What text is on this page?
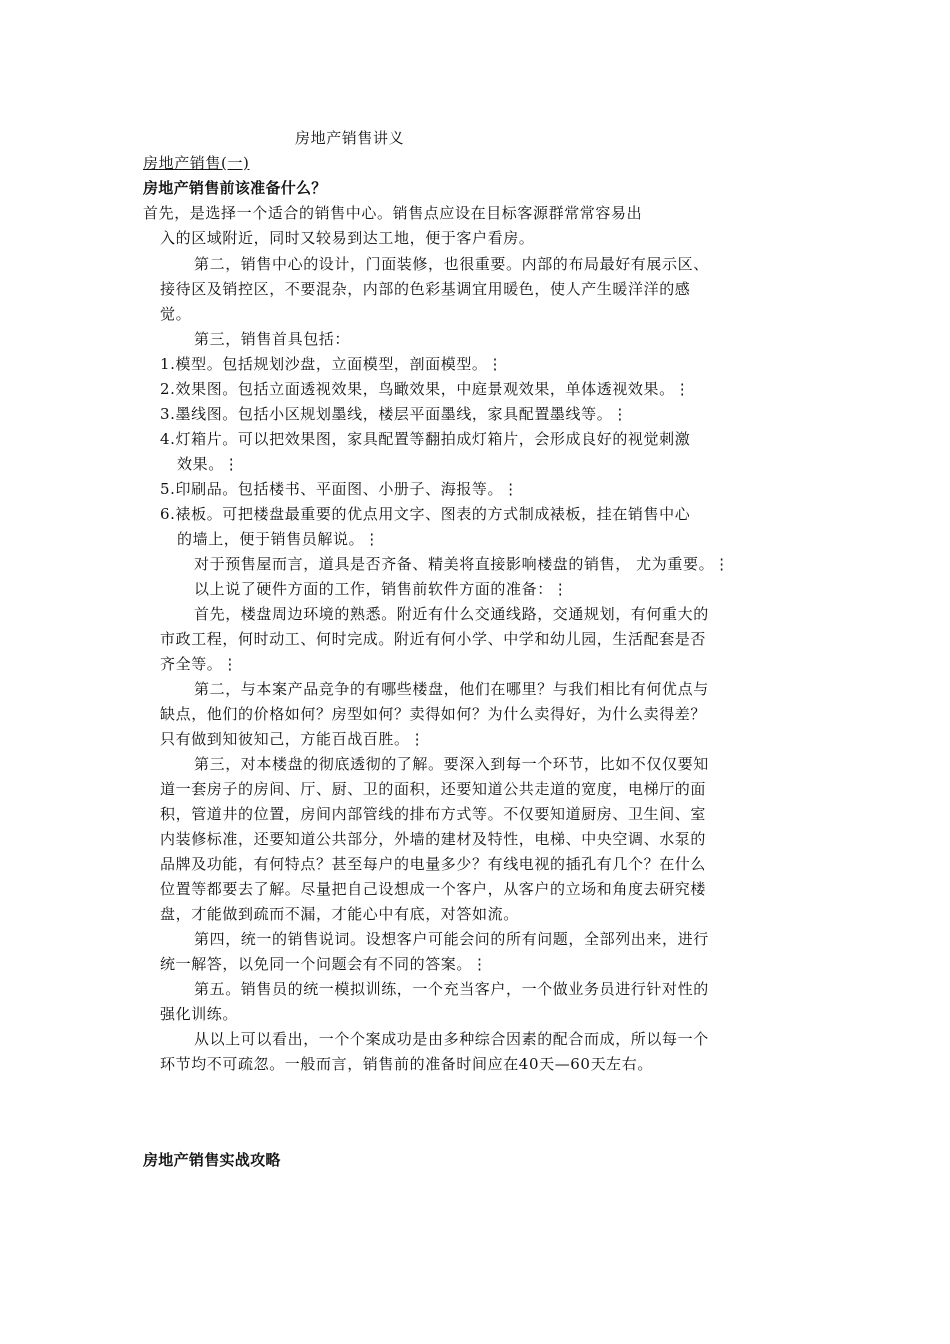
房地产销售讲义
房地产销售(一)
房地产销售前该准备什么？
首先，是选择一个适合的销售中心。销售点应设在目标客源群常常容易出
入的区域附近，同时又较易到达工地，便于客户看房。
第二，销售中心的设计，门面装修，也很重要。内部的布局最好有展示区、
接待区及销控区，不要混杂，内部的色彩基调宜用暖色，使人产生暖洋洋的感
觉。
第三，销售首具包括：
1.模型。包括规划沙盘，立面模型，剖面模型。⋮
2.效果图。包括立面透视效果，鸟瞰效果，中庭景观效果，单体透视效果。⋮
3.墨线图。包括小区规划墨线，楼层平面墨线，家具配置墨线等。⋮
4.灯箱片。可以把效果图，家具配置等翻拍成灯箱片，会形成良好的视觉刺激
效果。⋮
5.印刷品。包括楼书、平面图、小册子、海报等。⋮
6.裱板。可把楼盘最重要的优点用文字、图表的方式制成裱板，挂在销售中心
的墙上，便于销售员解说。⋮
对于预售屋而言，道具是否齐备、精美将直接影响楼盘的销售， 尤为重要。⋮
以上说了硬件方面的工作，销售前软件方面的准备：⋮
首先，楼盘周边环境的熟悉。附近有什么交通线路，交通规划，有何重大的
市政工程，何时动工、何时完成。附近有何小学、中学和幼儿园，生活配套是否
齐全等。⋮
第二，与本案产品竞争的有哪些楼盘，他们在哪里？与我们相比有何优点与
缺点，他们的价格如何？房型如何？卖得如何？为什么卖得好，为什么卖得差？
只有做到知彼知己，方能百战百胜。⋮
第三，对本楼盘的彻底透彻的了解。要深入到每一个环节，比如不仅仅要知
道一套房子的房间、厅、厨、卫的面积，还要知道公共走道的宽度，电梯厅的面
积，管道井的位置，房间内部管线的排布方式等。不仅要知道厨房、卫生间、室
内装修标准，还要知道公共部分，外墙的建材及特性，电梯、中央空调、水泵的
品牌及功能，有何特点？甚至每户的电量多少？有线电视的插孔有几个？在什么
位置等都要去了解。尽量把自己设想成一个客户，从客户的立场和角度去研究楼
盘，才能做到疏而不漏，才能心中有底，对答如流。
第四，统一的销售说词。设想客户可能会问的所有问题，全部列出来，进行
统一解答，以免同一个问题会有不同的答案。⋮
第五。销售员的统一模拟训练，一个充当客户，一个做业务员进行针对性的
强化训练。
从以上可以看出，一个个案成功是由多种综合因素的配合而成，所以每一个
环节均不可疏忽。一般而言，销售前的准备时间应在40天—60天左右。
房地产销售实战攻略
